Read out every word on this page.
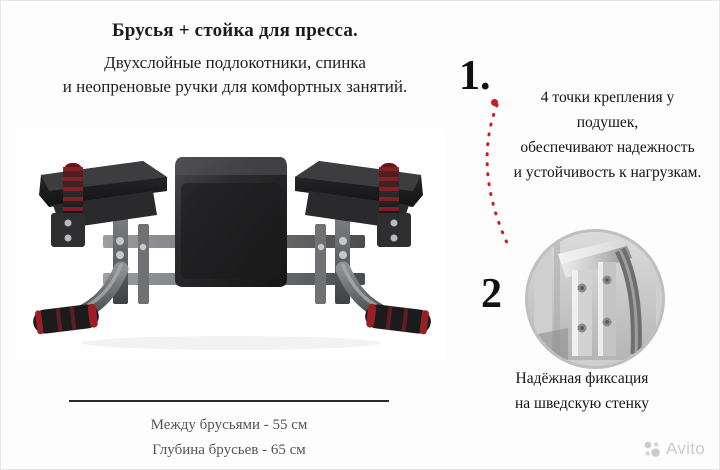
Брусья + стойка для пресса.
Двухслойные подлокотники, спинка
и неопреновые ручки для комфортных занятий.
Между брусьями - 55 см
Глубина брусьев - 65 см
1.	4 точки крепления у
подушек,
обеспечивают надежность
и устойчивость к нагрузкам.
2
Надёжная фиксация
на шведскую стенку
Avito
